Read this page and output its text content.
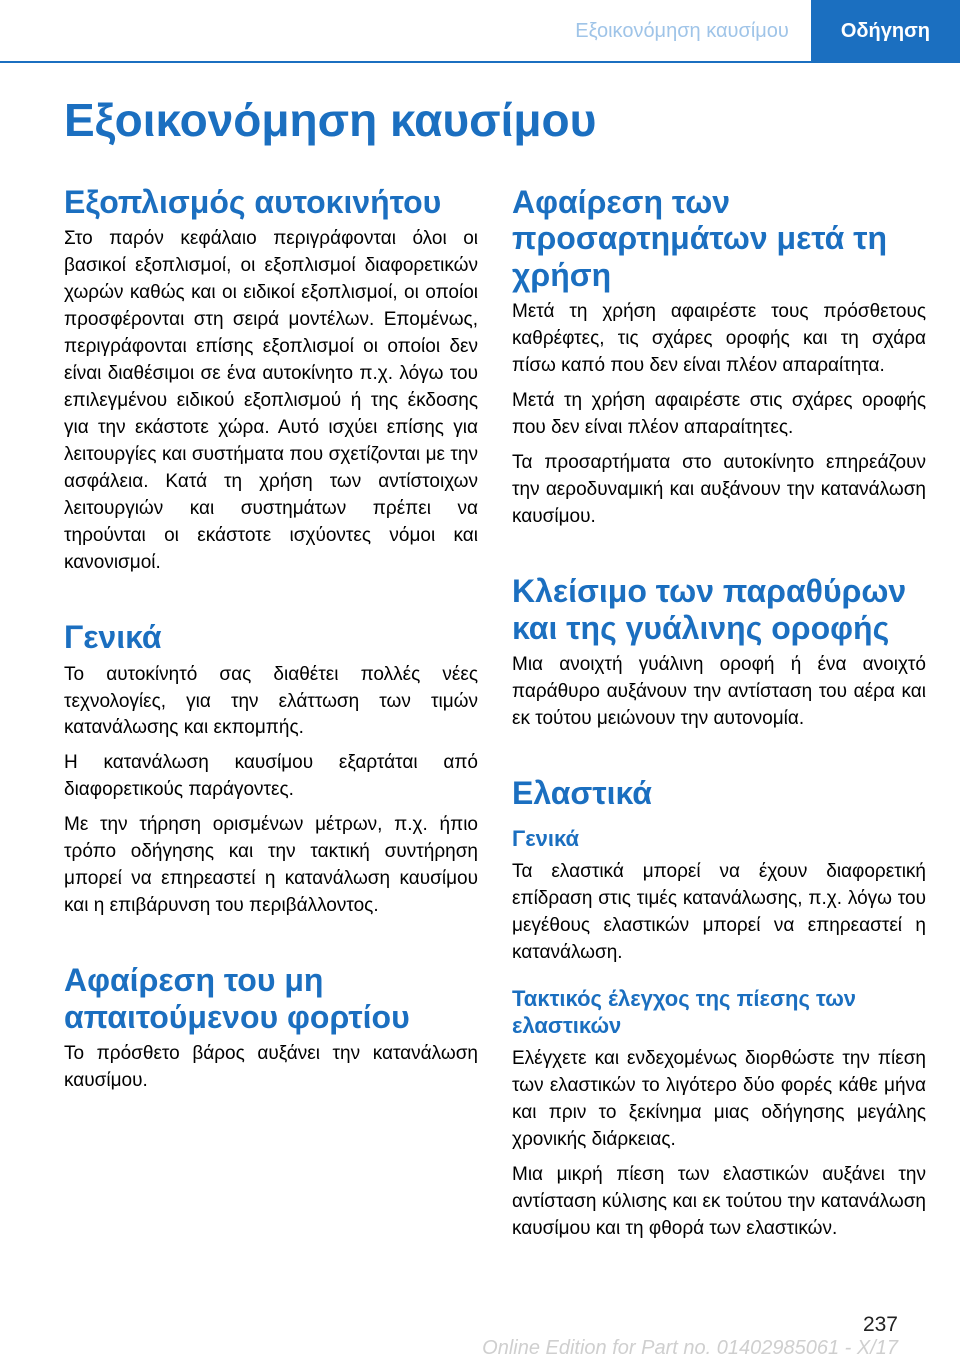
Εξοικονόμηση καυσίμου	Οδήγηση
Εξοικονόμηση καυσίμου
Εξοπλισμός αυτοκινήτου

Στο παρόν κεφάλαιο περιγράφονται όλοι οι βασικοί εξοπλισμοί, οι εξοπλισμοί διαφορετικών χωρών καθώς και οι ειδικοί εξοπλισμοί, οι οποίοι προσφέρονται στη σειρά μοντέλων. Επομένως, περιγράφονται επίσης εξοπλισμοί οι οποίοι δεν είναι διαθέσιμοι σε ένα αυτοκίνητο π.χ. λόγω του επιλεγμένου ειδικού εξοπλισμού ή της έκδοσης για την εκάστοτε χώρα. Αυτό ισχύει επίσης για λειτουργίες και συστήματα που σχετίζονται με την ασφάλεια. Κατά τη χρήση των αντίστοιχων λειτουργιών και συστημάτων πρέπει να τηρούνται οι εκάστοτε ισχύοντες νόμοι και κανονισμοί.

Γενικά

Το αυτοκίνητό σας διαθέτει πολλές νέες τεχνολογίες, για την ελάττωση των τιμών κατανάλωσης και εκπομπής.

Η κατανάλωση καυσίμου εξαρτάται από διαφορετικούς παράγοντες.

Με την τήρηση ορισμένων μέτρων, π.χ. ήπιο τρόπο οδήγησης και την τακτική συντήρηση μπορεί να επηρεαστεί η κατανάλωση καυσίμου και η επιβάρυνση του περιβάλλοντος.

Αφαίρεση του μη απαιτούμενου φορτίου

Το πρόσθετο βάρος αυξάνει την κατανάλωση καυσίμου.

Αφαίρεση των προσαρτημάτων μετά τη χρήση

Μετά τη χρήση αφαιρέστε τους πρόσθετους καθρέφτες, τις σχάρες οροφής και τη σχάρα πίσω καπό που δεν είναι πλέον απαραίτητα.

Μετά τη χρήση αφαιρέστε στις σχάρες οροφής που δεν είναι πλέον απαραίτητες.

Τα προσαρτήματα στο αυτοκίνητο επηρεάζουν την αεροδυναμική και αυξάνουν την κατανάλωση καυσίμου.

Κλείσιμο των παραθύρων και της γυάλινης οροφής

Μια ανοιχτή γυάλινη οροφή ή ένα ανοιχτό παράθυρο αυξάνουν την αντίσταση του αέρα και εκ τούτου μειώνουν την αυτονομία.

Ελαστικά
Γενικά

Τα ελαστικά μπορεί να έχουν διαφορετική επίδραση στις τιμές κατανάλωσης, π.χ. λόγω του μεγέθους ελαστικών μπορεί να επηρεαστεί η κατανάλωση.

Τακτικός έλεγχος της πίεσης των ελαστικών

Ελέγχετε και ενδεχομένως διορθώστε την πίεση των ελαστικών το λιγότερο δύο φορές κάθε μήνα και πριν το ξεκίνημα μιας οδήγησης μεγάλης χρονικής διάρκειας.

Μια μικρή πίεση των ελαστικών αυξάνει την αντίσταση κύλισης και εκ τούτου την κατανάλωση καυσίμου και τη φθορά των ελαστικών.

237
Online Edition for Part no. 01402985061 - X/17
